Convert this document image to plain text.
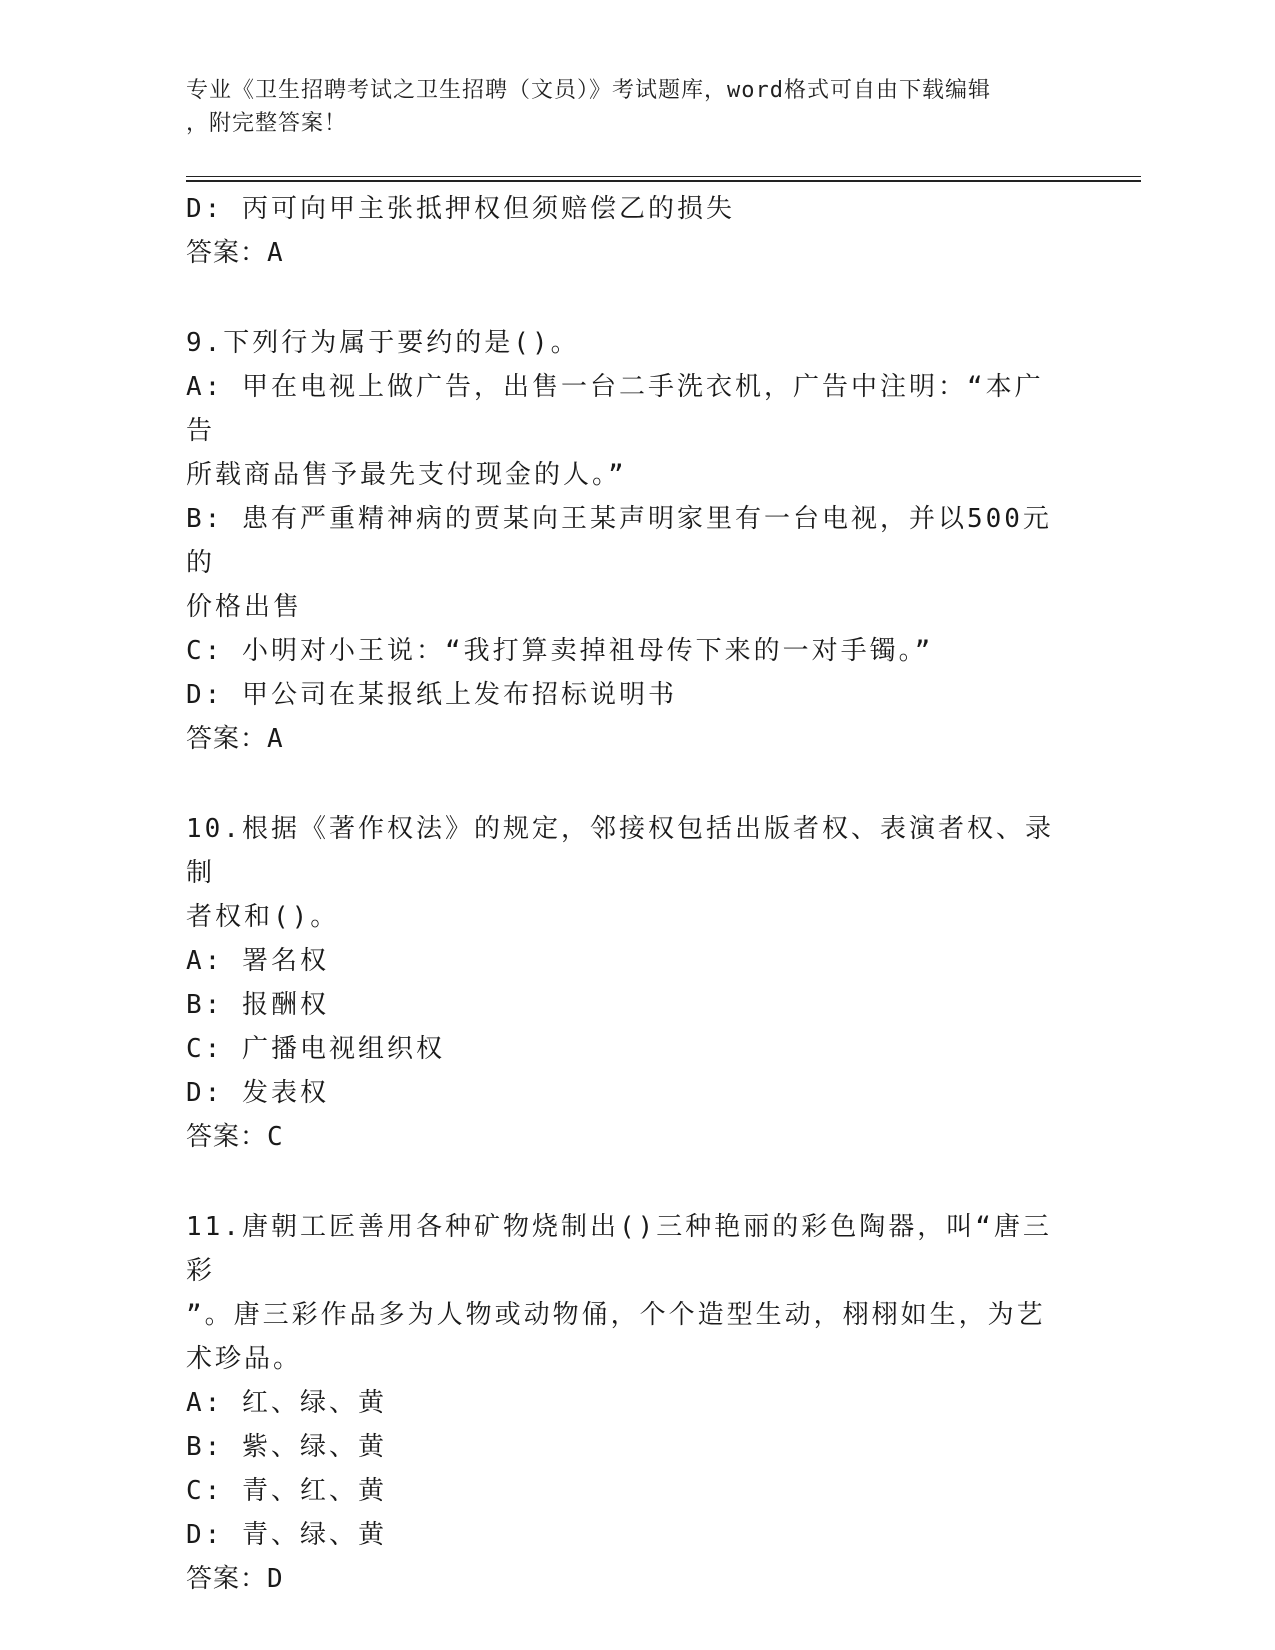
专业《卫生招聘考试之卫生招聘（文员）》考试题库，word格式可自由下载编辑
，附完整答案！
D: 丙可向甲主张抵押权但须赔偿乙的损失
答案：A
9.下列行为属于要约的是()。
A: 甲在电视上做广告，出售一台二手洗衣机，广告中注明：“本广告
所载商品售予最先支付现金的人。”
B: 患有严重精神病的贾某向王某声明家里有一台电视，并以500元的
价格出售
C: 小明对小王说：“我打算卖掉祖母传下来的一对手镯。”
D: 甲公司在某报纸上发布招标说明书
答案：A
10.根据《著作权法》的规定，邻接权包括出版者权、表演者权、录制
者权和()。
A: 署名权
B: 报酬权
C: 广播电视组织权
D: 发表权
答案：C
11.唐朝工匠善用各种矿物烧制出()三种艳丽的彩色陶器，叫“唐三彩
”。唐三彩作品多为人物或动物俑，个个造型生动，栩栩如生，为艺
术珍品。
A: 红、绿、黄
B: 紫、绿、黄
C: 青、红、黄
D: 青、绿、黄
答案：D
